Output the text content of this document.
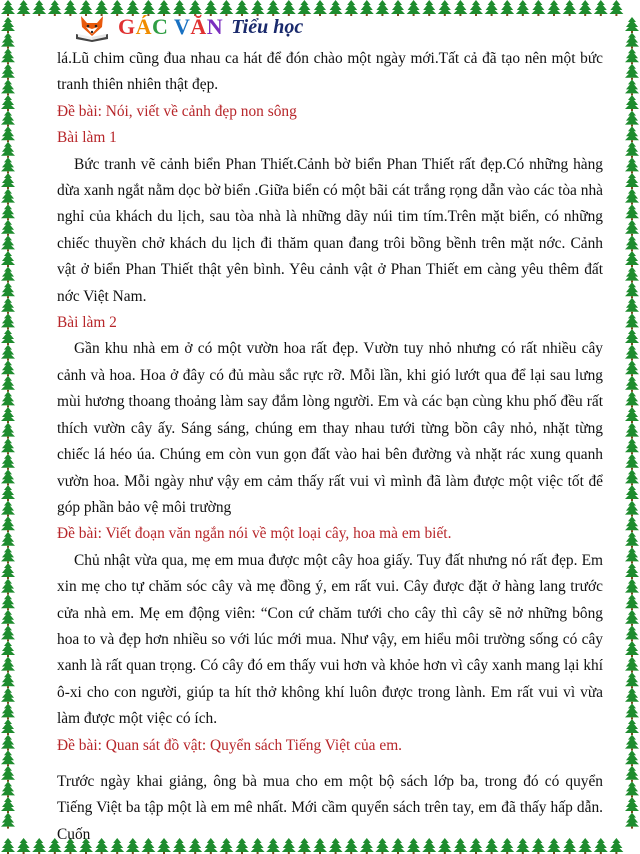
GÁC VĂN Tiểu học

lá.Lũ chim cũng đua nhau ca hát để đón chào một ngày mới.Tất cả đã tạo nên một bức tranh thiên nhiên thật đẹp.

Đề bài: Nói, viết về cảnh đẹp non sông

Bài làm 1

Bức tranh vẽ cảnh biển Phan Thiết.Cảnh bờ biển Phan Thiết rất đẹp.Có những hàng dừa xanh ngắt nằm dọc bờ biển .Giữa biển có một bãi cát trắng rọng dẫn vào các tòa nhà nghỉ của khách du lịch, sau tòa nhà là những dãy núi tim tím.Trên mặt biển, có những chiếc thuyền chở khách du lịch đi thăm quan đang trôi bồng bềnh trên mặt nớc. Cảnh vật ở biển Phan Thiết thật yên bình. Yêu cảnh vật ở Phan Thiết em càng yêu thêm đất nớc Việt Nam.

Bài làm 2

Gần khu nhà em ở có một vườn hoa rất đẹp. Vườn tuy nhỏ nhưng có rất nhiều cây cảnh và hoa. Hoa ở đây có đủ màu sắc rực rỡ. Mỗi lần, khi gió lướt qua để lại sau lưng mùi hương thoang thoảng làm say đắm lòng người. Em và các bạn cùng khu phố đều rất thích vườn cây ấy. Sáng sáng, chúng em thay nhau tưới từng bồn cây nhỏ, nhặt từng chiếc lá héo úa. Chúng em còn vun gọn đất vào hai bên đường và nhặt rác xung quanh vườn hoa. Mỗi ngày như vậy em cảm thấy rất vui vì mình đã làm được một việc tốt để góp phần bảo vệ môi trường

Đề bài: Viết đoạn văn ngắn nói về một loại cây, hoa mà em biết.

Chủ nhật vừa qua, mẹ em mua được một cây hoa giấy. Tuy đất nhưng nó rất đẹp. Em xin mẹ cho tự chăm sóc cây và mẹ đồng ý, em rất vui. Cây được đặt ở hàng lang trước cửa nhà em. Mẹ em động viên: “Con cứ chăm tưới cho cây thì cây sẽ nở những bông hoa to và đẹp hơn nhiều so với lúc mới mua. Như vậy, em hiểu môi trường sống có cây xanh là rất quan trọng. Có cây đó em thấy vui hơn và khỏe hơn vì cây xanh mang lại khí ô-xi cho con người, giúp ta hít thở không khí luôn được trong lành. Em rất vui vì vừa làm được một việc có ích.

Đề bài: Quan sát đồ vật: Quyển sách Tiếng Việt của em.

Trước ngày khai giảng, ông bà mua cho em một bộ sách lớp ba, trong đó có quyển Tiếng Việt ba tập một là em mê nhất. Mới cầm quyển sách trên tay, em đã thấy hấp dẫn. Cuốn
